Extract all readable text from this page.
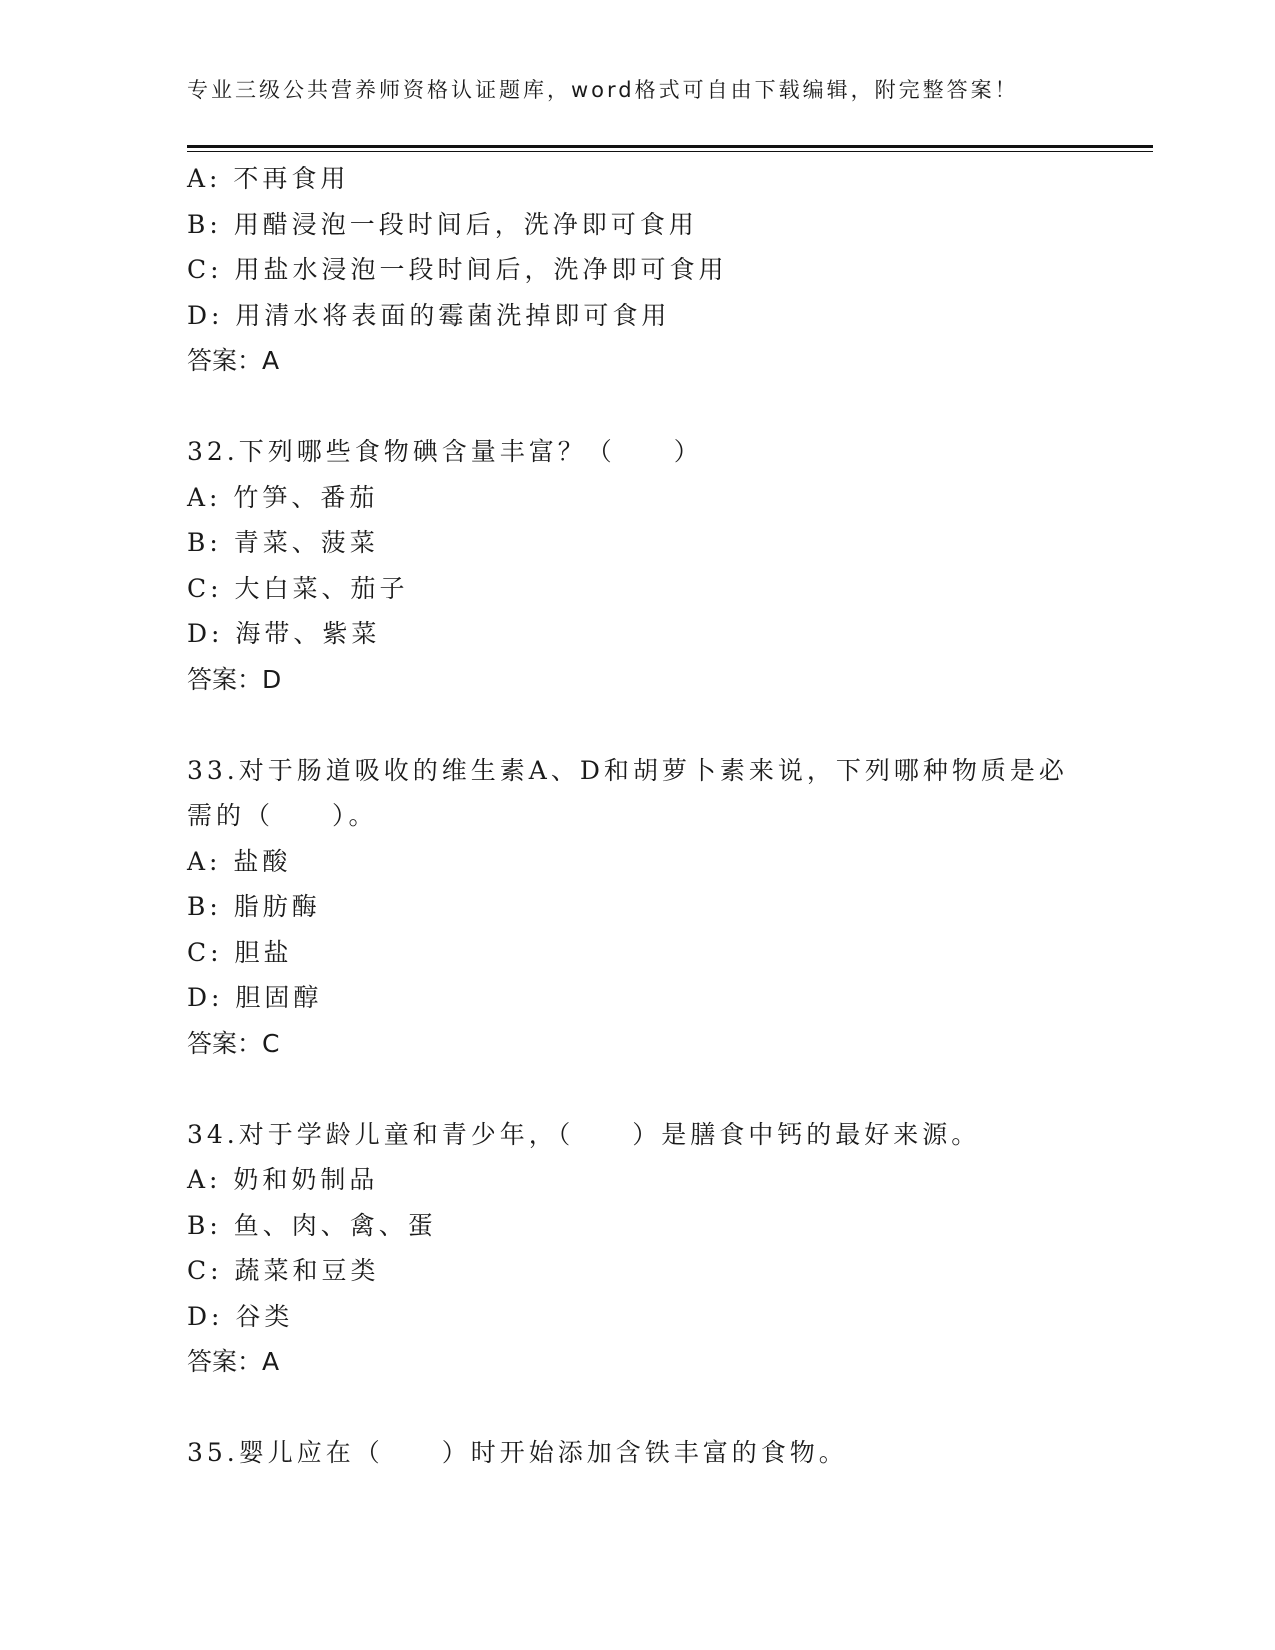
专业三级公共营养师资格认证题库，word格式可自由下载编辑，附完整答案！
A: 不再食用
B: 用醋浸泡一段时间后，洗净即可食用
C: 用盐水浸泡一段时间后，洗净即可食用
D: 用清水将表面的霉菌洗掉即可食用
答案：A
32.下列哪些食物碘含量丰富？（　　）
A: 竹笋、番茄
B: 青菜、菠菜
C: 大白菜、茄子
D: 海带、紫菜
答案：D
33.对于肠道吸收的维生素A、D和胡萝卜素来说，下列哪种物质是必
需的（　　）。
A: 盐酸
B: 脂肪酶
C: 胆盐
D: 胆固醇
答案：C
34.对于学龄儿童和青少年，（　　）是膳食中钙的最好来源。
A: 奶和奶制品
B: 鱼、肉、禽、蛋
C: 蔬菜和豆类
D: 谷类
答案：A
35.婴儿应在（　　）时开始添加含铁丰富的食物。
